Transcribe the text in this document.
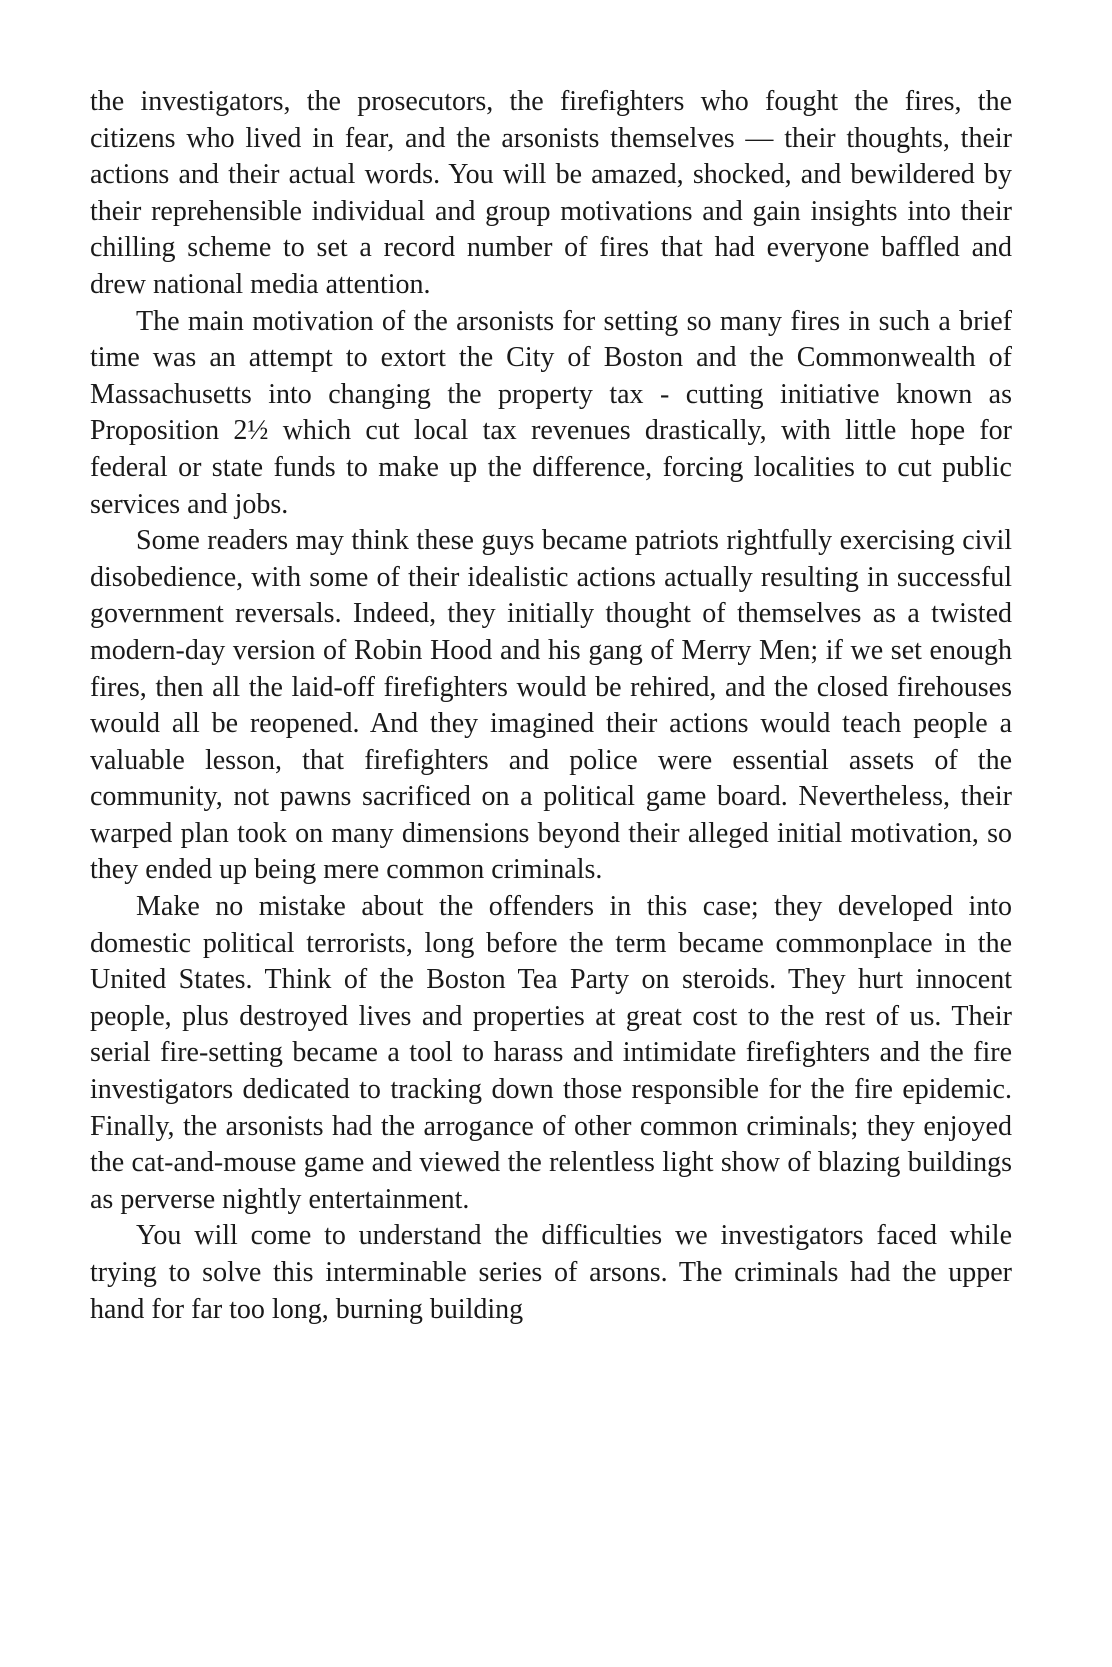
the investigators, the prosecutors, the firefighters who fought the fires, the citizens who lived in fear, and the arsonists themselves — their thoughts, their actions and their actual words. You will be amazed, shocked, and bewildered by their reprehensible individual and group motivations and gain insights into their chilling scheme to set a record number of fires that had everyone baffled and drew national media attention.

The main motivation of the arsonists for setting so many fires in such a brief time was an attempt to extort the City of Boston and the Commonwealth of Massachusetts into changing the property tax - cutting initiative known as Proposition 2½ which cut local tax revenues drastically, with little hope for federal or state funds to make up the difference, forcing localities to cut public services and jobs.

Some readers may think these guys became patriots rightfully exercising civil disobedience, with some of their idealistic actions actually resulting in successful government reversals. Indeed, they initially thought of themselves as a twisted modern-day version of Robin Hood and his gang of Merry Men; if we set enough fires, then all the laid-off firefighters would be rehired, and the closed firehouses would all be reopened. And they imagined their actions would teach people a valuable lesson, that firefighters and police were essential assets of the community, not pawns sacrificed on a political game board. Nevertheless, their warped plan took on many dimensions beyond their alleged initial motivation, so they ended up being mere common criminals.

Make no mistake about the offenders in this case; they developed into domestic political terrorists, long before the term became commonplace in the United States. Think of the Boston Tea Party on steroids. They hurt innocent people, plus destroyed lives and properties at great cost to the rest of us. Their serial fire-setting became a tool to harass and intimidate firefighters and the fire investigators dedicated to tracking down those responsible for the fire epidemic. Finally, the arsonists had the arrogance of other common criminals; they enjoyed the cat-and-mouse game and viewed the relentless light show of blazing buildings as perverse nightly entertainment.

You will come to understand the difficulties we investigators faced while trying to solve this interminable series of arsons. The criminals had the upper hand for far too long, burning building
